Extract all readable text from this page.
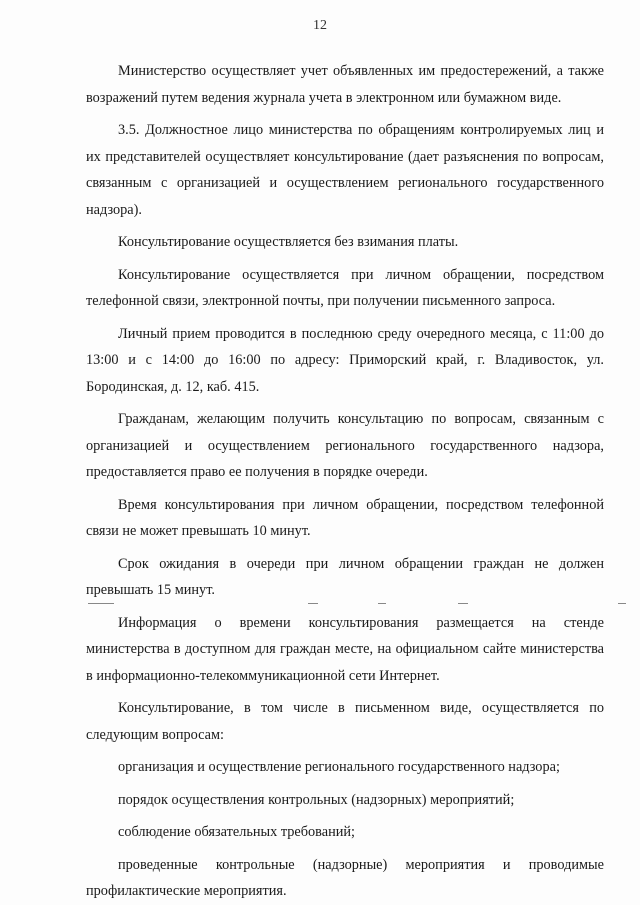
12

Министерство осуществляет учет объявленных им предостережений, а также возражений путем ведения журнала учета в электронном или бумажном виде.

3.5. Должностное лицо министерства по обращениям контролируемых лиц и их представителей осуществляет консультирование (дает разъяснения по вопросам, связанным с организацией и осуществлением регионального государственного надзора).

Консультирование осуществляется без взимания платы.

Консультирование осуществляется при личном обращении, посредством телефонной связи, электронной почты, при получении письменного запроса.

Личный прием проводится в последнюю среду очередного месяца, с 11:00 до 13:00 и с 14:00 до 16:00 по адресу: Приморский край, г. Владивосток, ул. Бородинская, д. 12, каб. 415.

Гражданам, желающим получить консультацию по вопросам, связанным с организацией и осуществлением регионального государственного надзора, предоставляется право ее получения в порядке очереди.

Время консультирования при личном обращении, посредством телефонной связи не может превышать 10 минут.

Срок ожидания в очереди при личном обращении граждан не должен превышать 15 минут.

Информация о времени консультирования размещается на стенде министерства в доступном для граждан месте, на официальном сайте министерства в информационно-телекоммуникационной сети Интернет.

Консультирование, в том числе в письменном виде, осуществляется по следующим вопросам:

организация и осуществление регионального государственного надзора;

порядок осуществления контрольных (надзорных) мероприятий;

соблюдение обязательных требований;

проведенные контрольные (надзорные) мероприятия и проводимые профилактические мероприятия.
